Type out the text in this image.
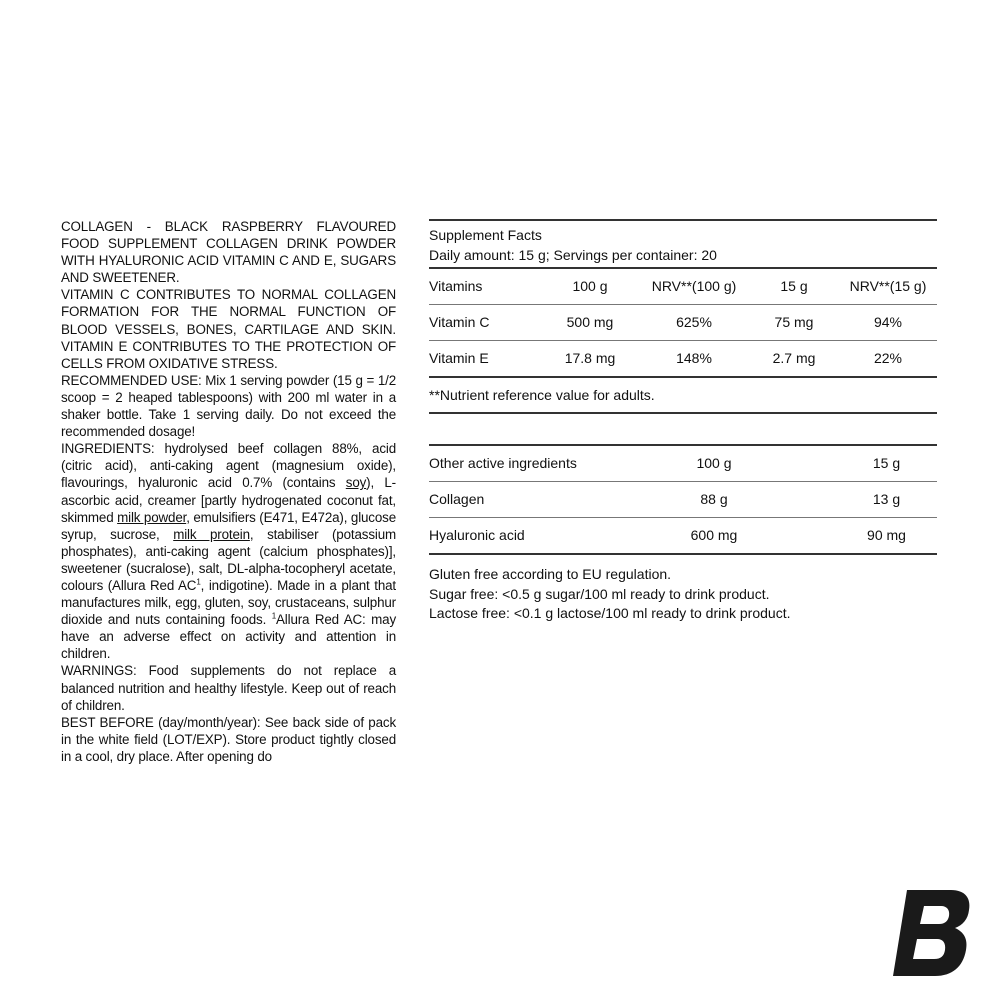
COLLAGEN - BLACK RASPBERRY FLAVOURED
FOOD SUPPLEMENT COLLAGEN DRINK POWDER WITH HYALURONIC ACID VITAMIN C AND E, SUGARS AND SWEETENER.

VITAMIN C CONTRIBUTES TO NORMAL COLLAGEN FORMATION FOR THE NORMAL FUNCTION OF BLOOD VESSELS, BONES, CARTILAGE AND SKIN. VITAMIN E CONTRIBUTES TO THE PROTECTION OF CELLS FROM OXIDATIVE STRESS.

RECOMMENDED USE: Mix 1 serving powder (15 g = 1/2 scoop = 2 heaped tablespoons) with 200 ml water in a shaker bottle. Take 1 serving daily. Do not exceed the recommended dosage!

INGREDIENTS: hydrolysed beef collagen 88%, acid (citric acid), anti-caking agent (magnesium oxide), flavourings, hyaluronic acid 0.7% (contains soy), L-ascorbic acid, creamer [partly hydrogenated coconut fat, skimmed milk powder, emulsifiers (E471, E472a), glucose syrup, sucrose, milk protein, stabiliser (potassium phosphates), anti-caking agent (calcium phosphates)], sweetener (sucralose), salt, DL-alpha-tocopheryl acetate, colours (Allura Red $AC^1$, indigotine). Made in a plant that manufactures milk, egg, gluten, soy, crustaceans, sulphur dioxide and nuts containing foods. $^1$Allura Red AC: may have an adverse effect on activity and attention in children.

WARNINGS: Food supplements do not replace a balanced nutrition and healthy lifestyle. Keep out of reach of children.

BEST BEFORE (day/month/year): See back side of pack in the white field (LOT/EXP). Store product tightly closed in a cool, dry place. After opening do

Supplement Facts
Daily amount: 15 g; Servings per container: 20
Vitamins	100 g	NRV**(100 g)	15 g	NRV**(15 g)
Vitamin C	500 mg	625%	75 mg	94%
Vitamin E	17.8 mg	148%	2.7 mg	22%
**Nutrient reference value for adults.
Other active ingredients	100 g	15 g
Collagen	88 g	13 g
Hyaluronic acid	600 mg	90 mg
Gluten free according to EU regulation.
Sugar free: <0.5 g sugar/100 ml ready to drink product.
Lactose free: <0.1 g lactose/100 ml ready to drink product.
